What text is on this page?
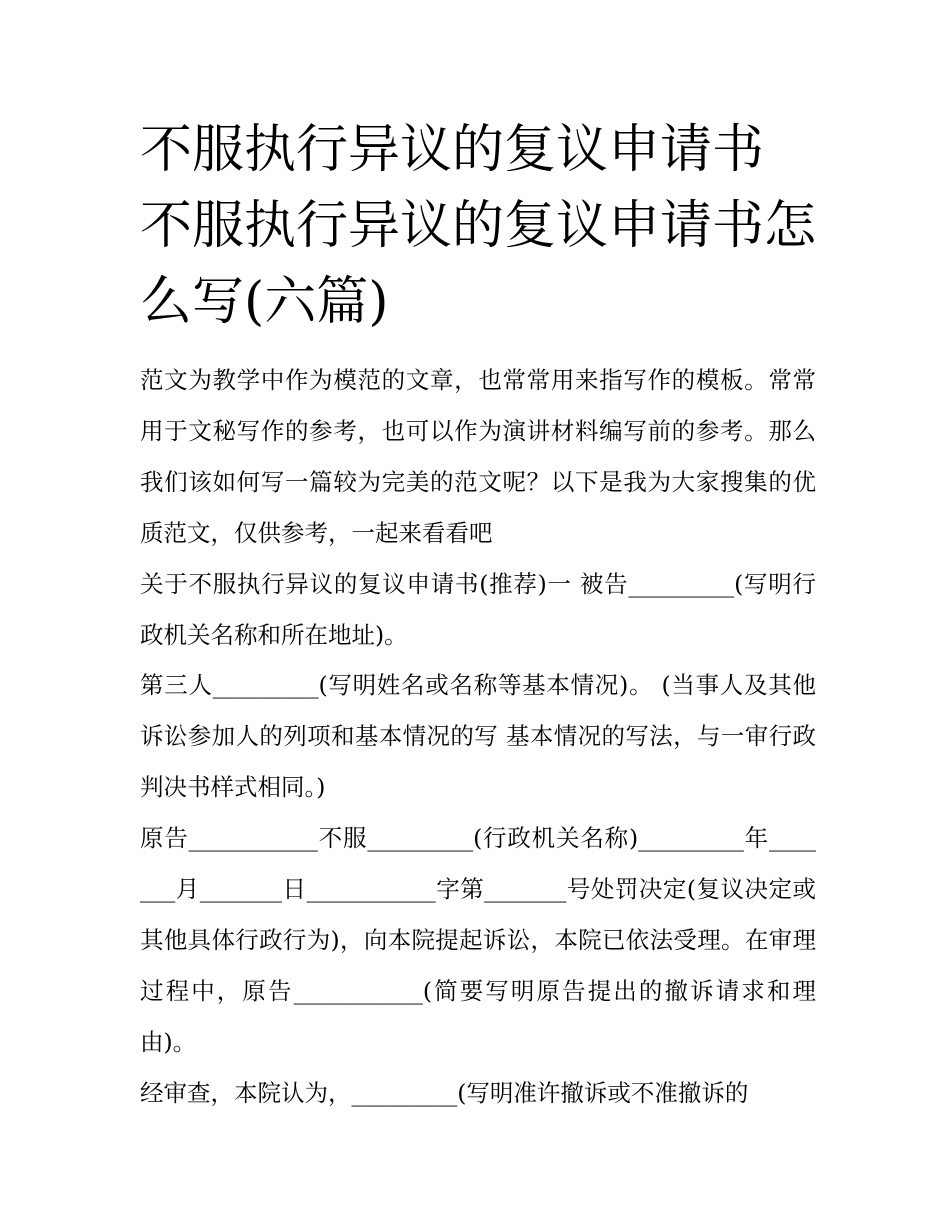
不服执行异议的复议申请书 不服执行异议的复议申请书怎么写(六篇)

范文为教学中作为模范的文章，也常常用来指写作的模板。常常用于文秘写作的参考，也可以作为演讲材料编写前的参考。那么我们该如何写一篇较为完美的范文呢？以下是我为大家搜集的优质范文，仅供参考，一起来看看吧

关于不服执行异议的复议申请书(推荐)一 被告_________(写明行政机关名称和所在地址)。

第三人_________(写明姓名或名称等基本情况)。 (当事人及其他诉讼参加人的列项和基本情况的写 基本情况的写法，与一审行政判决书样式相同。)

原告___________不服_________(行政机关名称)_________年_______月_______日___________字第_______号处罚决定(复议决定或其他具体行政行为)，向本院提起诉讼，本院已依法受理。在审理过程中，原告___________(简要写明原告提出的撤诉请求和理由)。

经审查，本院认为，_________(写明准许撤诉或不准撤诉的
